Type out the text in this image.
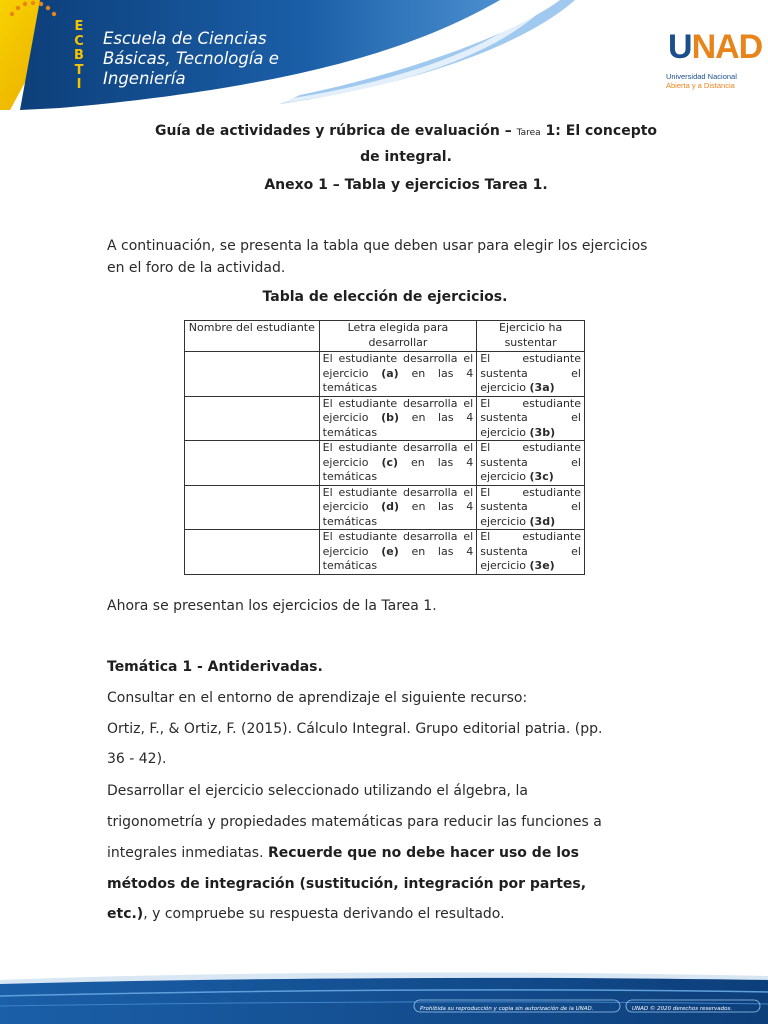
E
C
B
T
I
Escuela de Ciencias
Básicas, Tecnología e
Ingeniería
UNAD
Universidad Nacional
Abierta y a Distancia
Guía de actividades y rúbrica de evaluación – Tarea 1: El concepto de integral.
Anexo 1 – Tabla y ejercicios Tarea 1.
A continuación, se presenta la tabla que deben usar para elegir los ejercicios en el foro de la actividad.
Tabla de elección de ejercicios.
Nombre del estudiante	Letra elegida para desarrollar	Ejercicio ha sustentar
	El estudiante desarrolla el ejercicio (a) en las 4 temáticas	El estudiante sustenta el ejercicio (3a)
	El estudiante desarrolla el ejercicio (b) en las 4 temáticas	El estudiante sustenta el ejercicio (3b)
	El estudiante desarrolla el ejercicio (c) en las 4 temáticas	El estudiante sustenta el ejercicio (3c)
	El estudiante desarrolla el ejercicio (d) en las 4 temáticas	El estudiante sustenta el ejercicio (3d)
	El estudiante desarrolla el ejercicio (e) en las 4 temáticas	El estudiante sustenta el ejercicio (3e)
Ahora se presentan los ejercicios de la Tarea 1.
Temática 1 - Antiderivadas.
Consultar en el entorno de aprendizaje el siguiente recurso:
Ortiz, F., & Ortiz, F. (2015). Cálculo Integral. Grupo editorial patria. (pp.
36 - 42).
Desarrollar el ejercicio seleccionado utilizando el álgebra, la
trigonometría y propiedades matemáticas para reducir las funciones a
integrales inmediatas. Recuerde que no debe hacer uso de los
métodos de integración (sustitución, integración por partes,
etc.), y compruebe su respuesta derivando el resultado.
Prohibida su reproducción y copia sin autorización de la UNAD.	UNAD © 2020 derechos reservados.
